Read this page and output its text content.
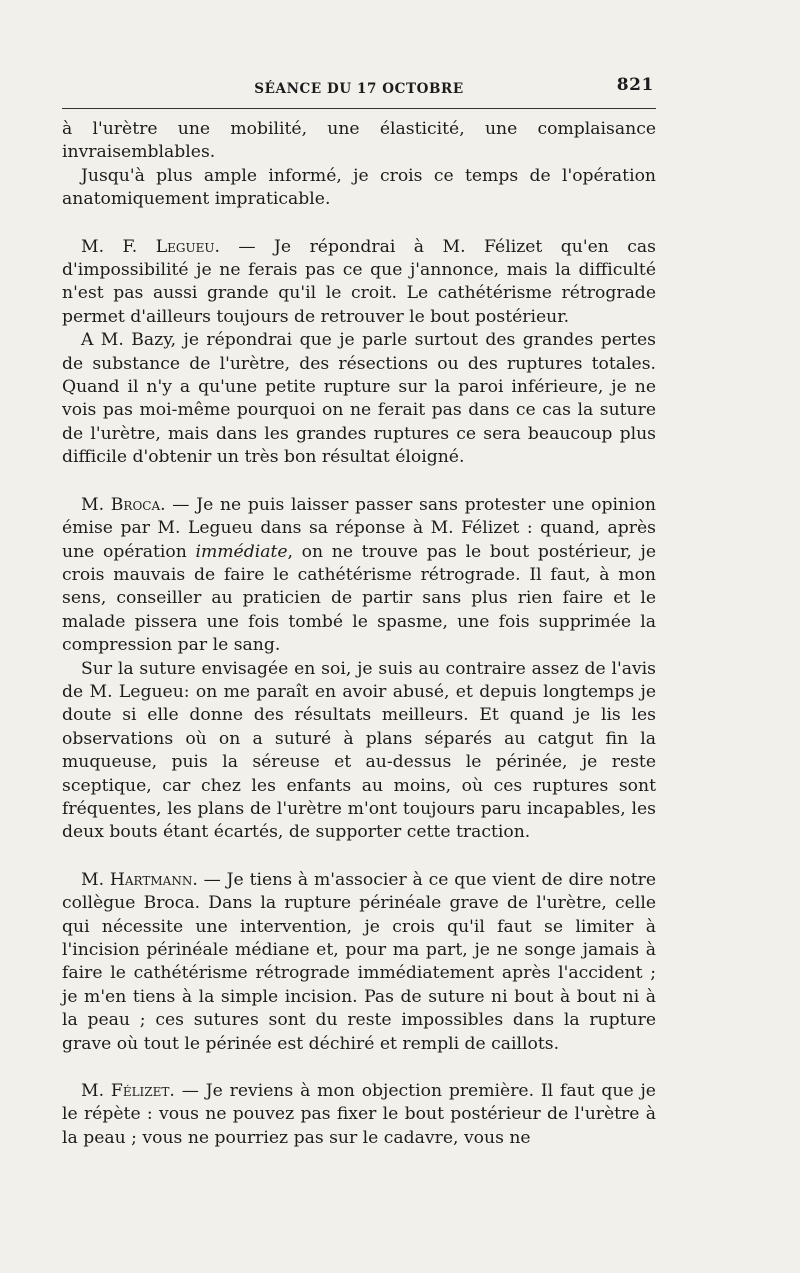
SÉANCE DU 17 OCTOBRE	821

à l'urètre une mobilité, une élasticité, une complaisance invraisemblables.

Jusqu'à plus ample informé, je crois ce temps de l'opération anatomiquement impraticable.

M. F. Legueu. — Je répondrai à M. Félizet qu'en cas d'impossibilité je ne ferais pas ce que j'annonce, mais la difficulté n'est pas aussi grande qu'il le croit. Le cathétérisme rétrograde permet d'ailleurs toujours de retrouver le bout postérieur.

A M. Bazy, je répondrai que je parle surtout des grandes pertes de substance de l'urètre, des résections ou des ruptures totales. Quand il n'y a qu'une petite rupture sur la paroi inférieure, je ne vois pas moi-même pourquoi on ne ferait pas dans ce cas la suture de l'urètre, mais dans les grandes ruptures ce sera beaucoup plus difficile d'obtenir un très bon résultat éloigné.

M. Broca. — Je ne puis laisser passer sans protester une opinion émise par M. Legueu dans sa réponse à M. Félizet : quand, après une opération immédiate, on ne trouve pas le bout postérieur, je crois mauvais de faire le cathétérisme rétrograde. Il faut, à mon sens, conseiller au praticien de partir sans plus rien faire et le malade pissera une fois tombé le spasme, une fois supprimée la compression par le sang.

Sur la suture envisagée en soi, je suis au contraire assez de l'avis de M. Legueu: on me paraît en avoir abusé, et depuis longtemps je doute si elle donne des résultats meilleurs. Et quand je lis les observations où on a suturé à plans séparés au catgut fin la muqueuse, puis la séreuse et au-dessus le périnée, je reste sceptique, car chez les enfants au moins, où ces ruptures sont fréquentes, les plans de l'urètre m'ont toujours paru incapables, les deux bouts étant écartés, de supporter cette traction.

M. Hartmann. — Je tiens à m'associer à ce que vient de dire notre collègue Broca. Dans la rupture périnéale grave de l'urètre, celle qui nécessite une intervention, je crois qu'il faut se limiter à l'incision périnéale médiane et, pour ma part, je ne songe jamais à faire le cathétérisme rétrograde immédiatement après l'accident ; je m'en tiens à la simple incision. Pas de suture ni bout à bout ni à la peau ; ces sutures sont du reste impossibles dans la rupture grave où tout le périnée est déchiré et rempli de caillots.

M. Félizet. — Je reviens à mon objection première. Il faut que je le répète : vous ne pouvez pas fixer le bout postérieur de l'urètre à la peau ; vous ne pourriez pas sur le cadavre, vous ne
